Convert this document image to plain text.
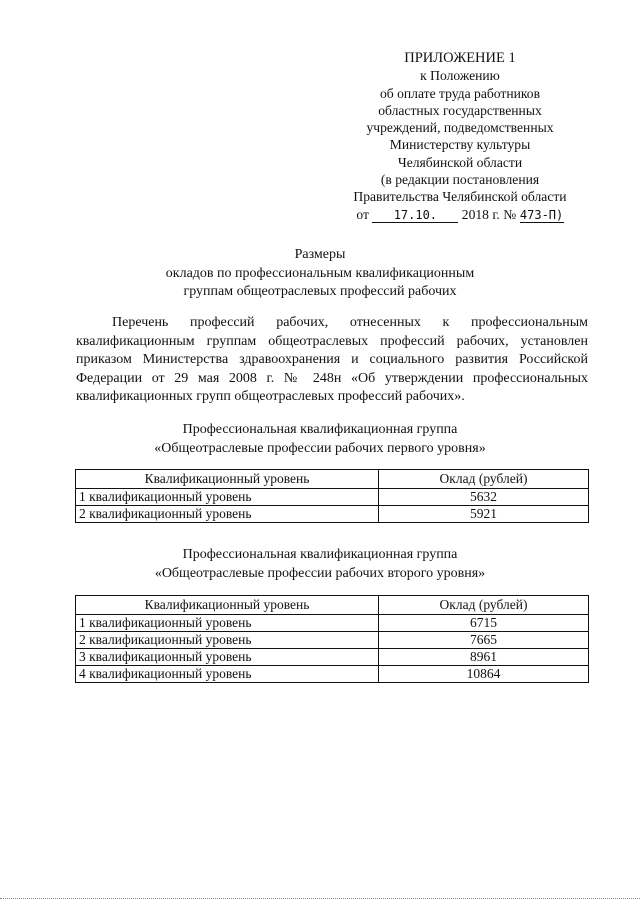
ПРИЛОЖЕНИЕ 1
к Положению
об оплате труда работников
областных государственных
учреждений, подведомственных
Министерству культуры
Челябинской области
(в редакции постановления
Правительства Челябинской области
от 17.10. 2018 г. № 473-П)
Размеры
окладов по профессиональным квалификационным
группам общеотраслевых профессий рабочих
Перечень профессий рабочих, отнесенных к профессиональным квалификационным группам общеотраслевых профессий рабочих, установлен приказом Министерства здравоохранения и социального развития Российской Федерации от 29 мая 2008 г. № 248н «Об утверждении профессиональных квалификационных групп общеотраслевых профессий рабочих».
Профессиональная квалификационная группа
«Общеотраслевые профессии рабочих первого уровня»
Квалификационный уровень	Оклад (рублей)
1 квалификационный уровень	5632
2 квалификационный уровень	5921
Профессиональная квалификационная группа
«Общеотраслевые профессии рабочих второго уровня»
Квалификационный уровень	Оклад (рублей)
1 квалификационный уровень	6715
2 квалификационный уровень	7665
3 квалификационный уровень	8961
4 квалификационный уровень	10864
